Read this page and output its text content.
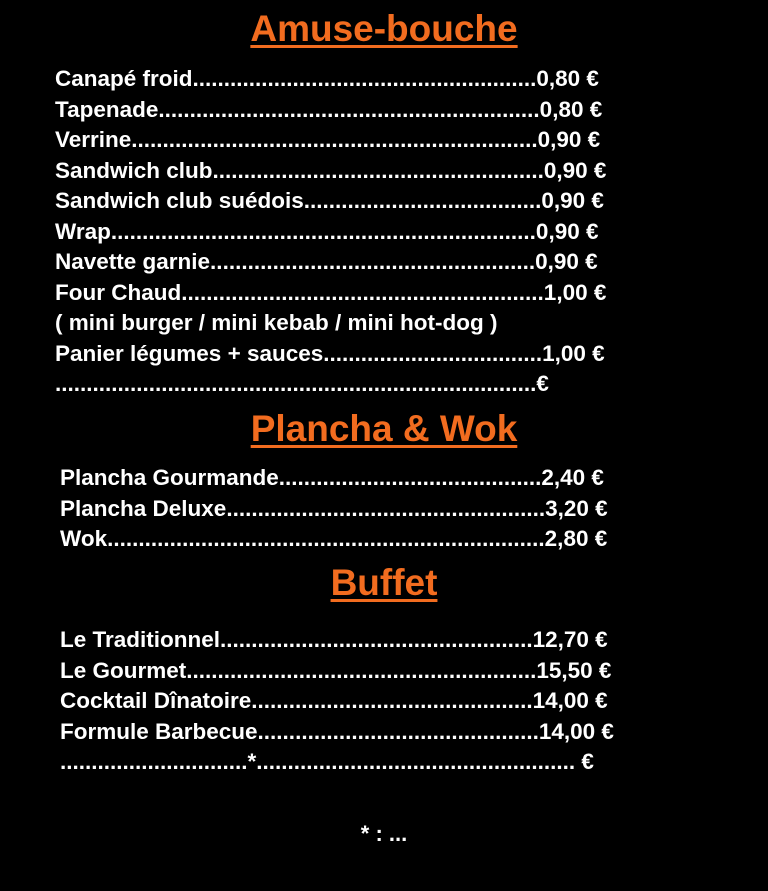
Amuse-bouche
Canapé froid.......................................................0,80 €
Tapenade.............................................................0,80 €
Verrine.................................................................0,90 €
Sandwich club.....................................................0,90 €
Sandwich club suédois......................................0,90 €
Wrap....................................................................0,90 €
Navette garnie....................................................0,90 €
Four Chaud..........................................................1,00 €
( mini burger / mini kebab / mini hot-dog )
Panier légumes + sauces...................................1,00 €
.............................................................................€
Plancha & Wok
Plancha Gourmande..........................................2,40 €
Plancha Deluxe...................................................3,20 €
Wok......................................................................2,80 €
Buffet
Le Traditionnel..................................................12,70 €
Le Gourmet........................................................15,50 €
Cocktail Dînatoire.............................................14,00 €
Formule Barbecue.............................................14,00 €
..............................*................................................... €
* : ...
